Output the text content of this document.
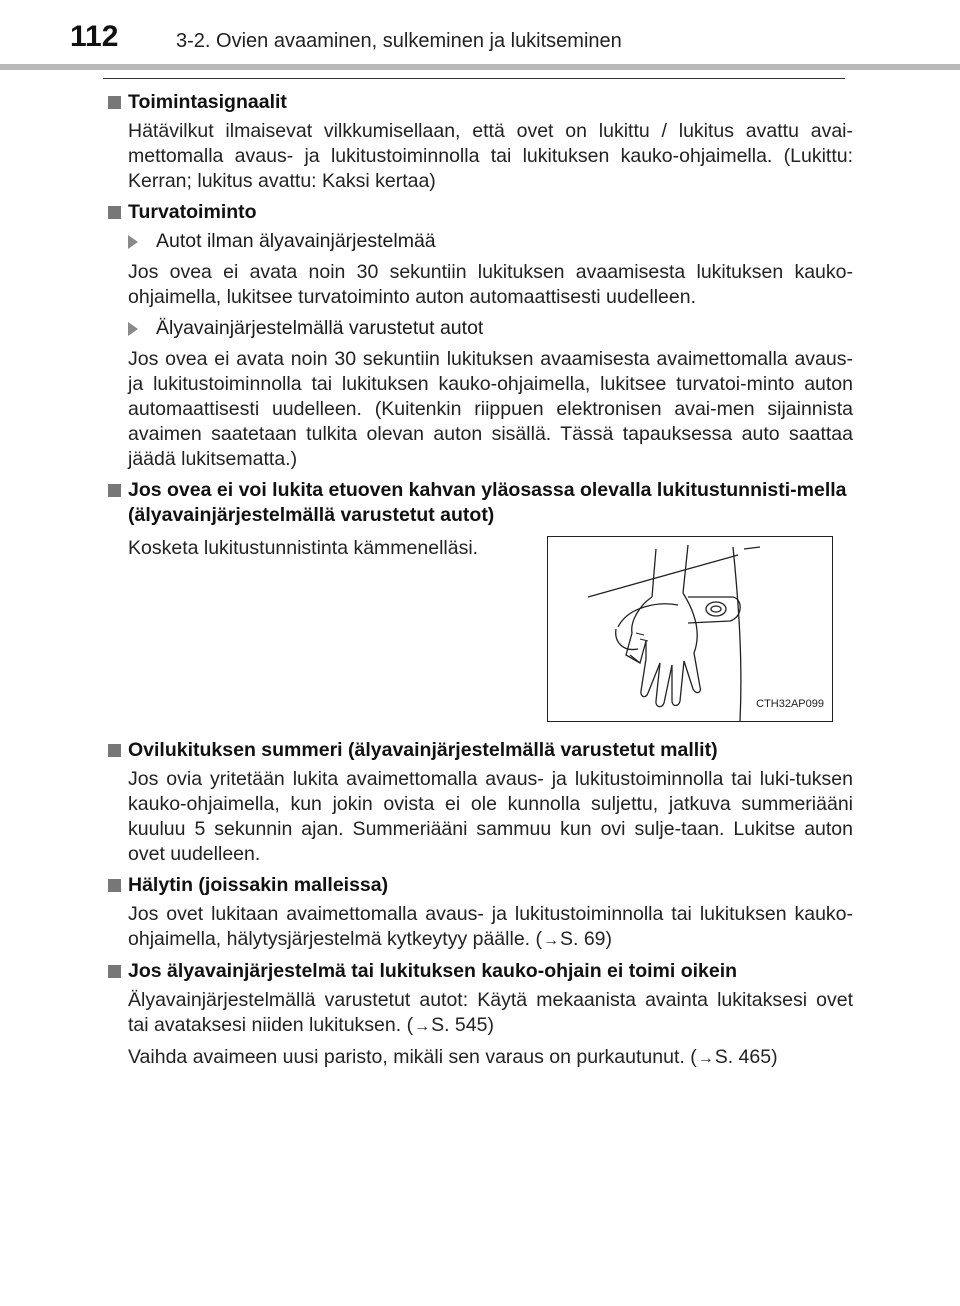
112	3-2. Ovien avaaminen, sulkeminen ja lukitseminen
Toimintasignaalit
Hätävilkut ilmaisevat vilkkumisellaan, että ovet on lukittu / lukitus avattu avai-mettomalla avaus- ja lukitustoiminnolla tai lukituksen kauko-ohjaimella. (Lukittu: Kerran; lukitus avattu: Kaksi kertaa)
Turvatoiminto
Autot ilman älyavainjärjestelmää
Jos ovea ei avata noin 30 sekuntiin lukituksen avaamisesta lukituksen kauko-ohjaimella, lukitsee turvatoiminto auton automaattisesti uudelleen.
Älyavainjärjestelmällä varustetut autot
Jos ovea ei avata noin 30 sekuntiin lukituksen avaamisesta avaimettomalla avaus- ja lukitustoiminnolla tai lukituksen kauko-ohjaimella, lukitsee turvatoi-minto auton automaattisesti uudelleen. (Kuitenkin riippuen elektronisen avai-men sijainnista avaimen saatetaan tulkita olevan auton sisällä. Tässä tapauksessa auto saattaa jäädä lukitsematta.)
Jos ovea ei voi lukita etuoven kahvan yläosassa olevalla lukitustunnisti-mella (älyavainjärjestelmällä varustetut autot)
Kosketa lukitustunnistinta kämmenelläsi.
CTH32AP099
Ovilukituksen summeri (älyavainjärjestelmällä varustetut mallit)
Jos ovia yritetään lukita avaimettomalla avaus- ja lukitustoiminnolla tai luki-tuksen kauko-ohjaimella, kun jokin ovista ei ole kunnolla suljettu, jatkuva summeriääni kuuluu 5 sekunnin ajan. Summeriääni sammuu kun ovi sulje-taan. Lukitse auton ovet uudelleen.
Hälytin (joissakin malleissa)
Jos ovet lukitaan avaimettomalla avaus- ja lukitustoiminnolla tai lukituksen kauko-ohjaimella, hälytysjärjestelmä kytkeytyy päälle. (→S. 69)
Jos älyavainjärjestelmä tai lukituksen kauko-ohjain ei toimi oikein
Älyavainjärjestelmällä varustetut autot: Käytä mekaanista avainta lukitaksesi ovet tai avataksesi niiden lukituksen. (→S. 545)
Vaihda avaimeen uusi paristo, mikäli sen varaus on purkautunut. (→S. 465)
